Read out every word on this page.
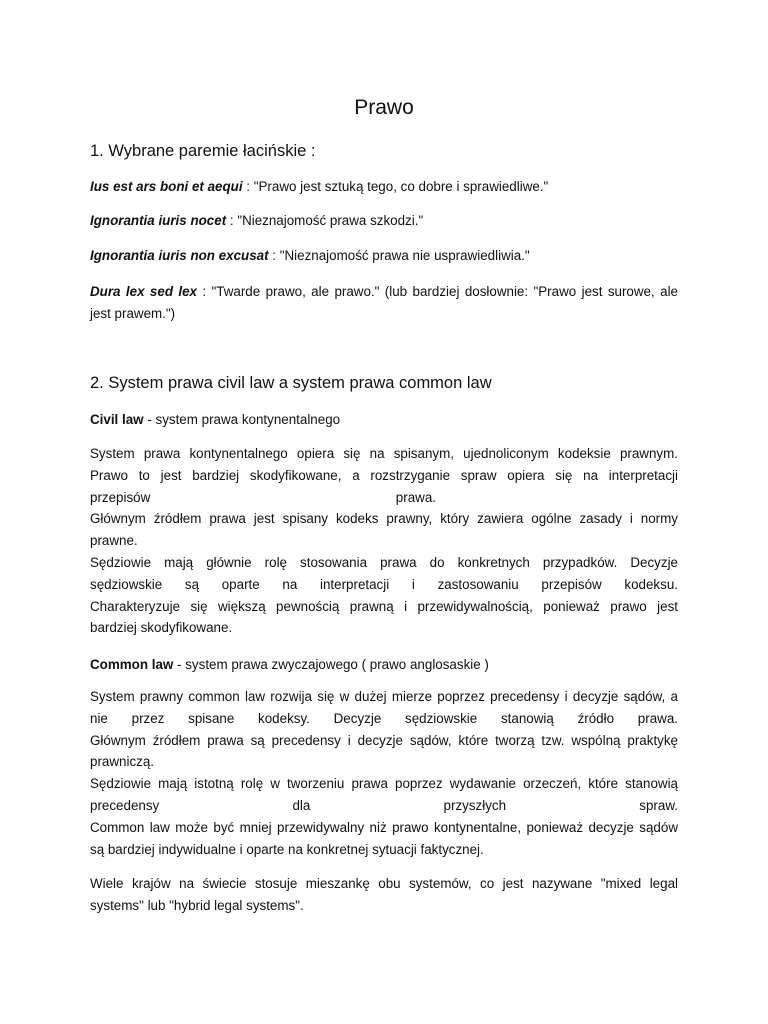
Prawo
1. Wybrane paremie łacińskie :

Ius est ars boni et aequi : "Prawo jest sztuką tego, co dobre i sprawiedliwe."

Ignorantia iuris nocet : "Nieznajomość prawa szkodzi."

Ignorantia iuris non excusat : "Nieznajomość prawa nie usprawiedliwia."

Dura lex sed lex : "Twarde prawo, ale prawo." (lub bardziej dosłownie: "Prawo jest surowe, ale
jest prawem.")
2. System prawa civil law a system prawa common law

Civil law - system prawa kontynentalnego

System prawa kontynentalnego opiera się na spisanym, ujednoliconym kodeksie prawnym.
Prawo to jest bardziej skodyfikowane, a rozstrzyganie spraw opiera się na interpretacji
przepisów	prawa.
Głównym źródłem prawa jest spisany kodeks prawny, który zawiera ogólne zasady i normy
prawne.
Sędziowie mają głównie rolę stosowania prawa do konkretnych przypadków. Decyzje
sędziowskie są oparte na interpretacji i zastosowaniu przepisów kodeksu.
Charakteryzuje się większą pewnością prawną i przewidywalnością, ponieważ prawo jest
bardziej skodyfikowane.

Common law - system prawa zwyczajowego ( prawo anglosaskie )

System prawny common law rozwija się w dużej mierze poprzez precedensy i decyzje sądów, a
nie przez spisane kodeksy. Decyzje sędziowskie stanowią źródło prawa.
Głównym źródłem prawa są precedensy i decyzje sądów, które tworzą tzw. wspólną praktykę
prawniczą.
Sędziowie mają istotną rolę w tworzeniu prawa poprzez wydawanie orzeczeń, które stanowią
precedensy	dla	przyszłych	spraw.
Common law może być mniej przewidywalny niż prawo kontynentalne, ponieważ decyzje sądów
są bardziej indywidualne i oparte na konkretnej sytuacji faktycznej.
Wiele krajów na świecie stosuje mieszankę obu systemów, co jest nazywane "mixed legal
systems" lub "hybrid legal systems".
